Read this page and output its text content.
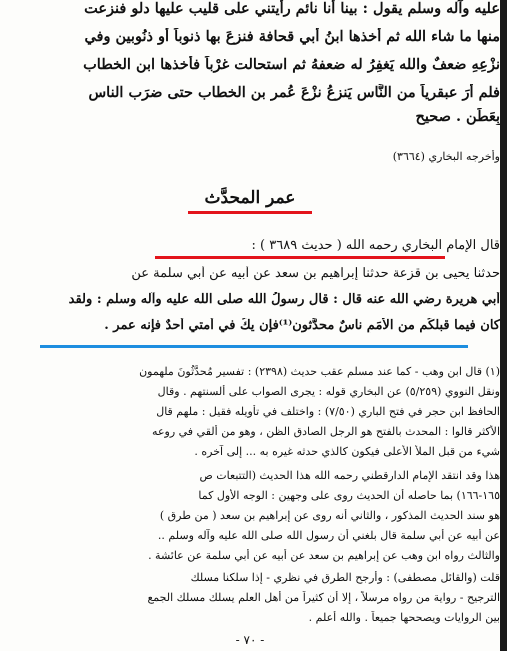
عليه وآله وسلم يقول : بينا أنا نائم رأيتني على قليب عليها دلو فنزعت
منها ما شاء الله ثم أخذها ابنُ أبي قحافة فنزعَ بها ذنوباً أو ذنُوبين وفي
نزْعِهِ ضعفٌ والله يَغفِرُ له ضعفهُ ثم استحالت غرْباً فأخذها ابن الخطاب
فلم أرَ عبقرياً من النَّاس يَنزعُ نزْعَ عُمر بن الخطاب حتى ضرَب الناس
بِعَطَنٍ . صحيح
وأخرجه البخاري (٣٦٦٤)
عمر المحدَّث
قال الإمام البخاري رحمه الله ( حديث ٣٦٨٩ ) :
حدثنا يحيى بن قزعة حدثنا إبراهيم بن سعد عن أبيه عن أبي سلمة عن
أبي هريرة رضي الله عنه قال : قال رسولُ الله صلى الله عليه وآله وسلم : ولقد
كان فيما قبلكُم من الأمَمِ ناسٌ محدَّثون⁽¹⁾فإن يكُ في أمتي أحدٌ فإنه عمر .
(١) قال ابن وهب - كما عند مسلم عقب حديث (٢٣٩٨) : تفسير مُحدَّثُونَ ملهمون
ونقل النووي (٥/٢٥٩) عن البخاري قوله : يجرى الصواب على ألسنتهم . وقال
الحافظ ابن حجر في فتح الباري (٧/٥٠) : واختلف في تأويله فقيل : ملهم قال
الأكثر قالوا : المحدث بالفتح هو الرجل الصادق الظن ، وهو من أُلقي في روعه
شيء من قبل الملأ الأعلى فيكون كالذي حدثه غيره به ... إلى آخره .
هذا وقد انتقد الإمام الدارقطني رحمه الله هذا الحديث (التتبعات ص
١٦٥-١٦٦) بما حاصله أن الحديث روى على وجهين : الوجه الأول كما
هو سند الحديث المذكور ، والثاني أنه روى عن إبراهيم بن سعد ( من طرق )
عن أبيه عن أبي سلمة قال بلغني أن رسول الله صلى الله عليه وآله وسلم ..
والثالث رواه ابن وهب عن إبراهيم بن سعد عن أبيه عن أبي سلمة عن عائشة .
قلت (والقائل مصطفى) : وأرجح الطرق في نظري - إذا سلكنا مسلك
الترجيح - رواية من رواه مرسلاً ، إلا أن كثيراً من أهل العلم يسلك مسلك الجمع
بين الروايات ويصححها جميعاً . والله أعلم .
- ٧٠ -
